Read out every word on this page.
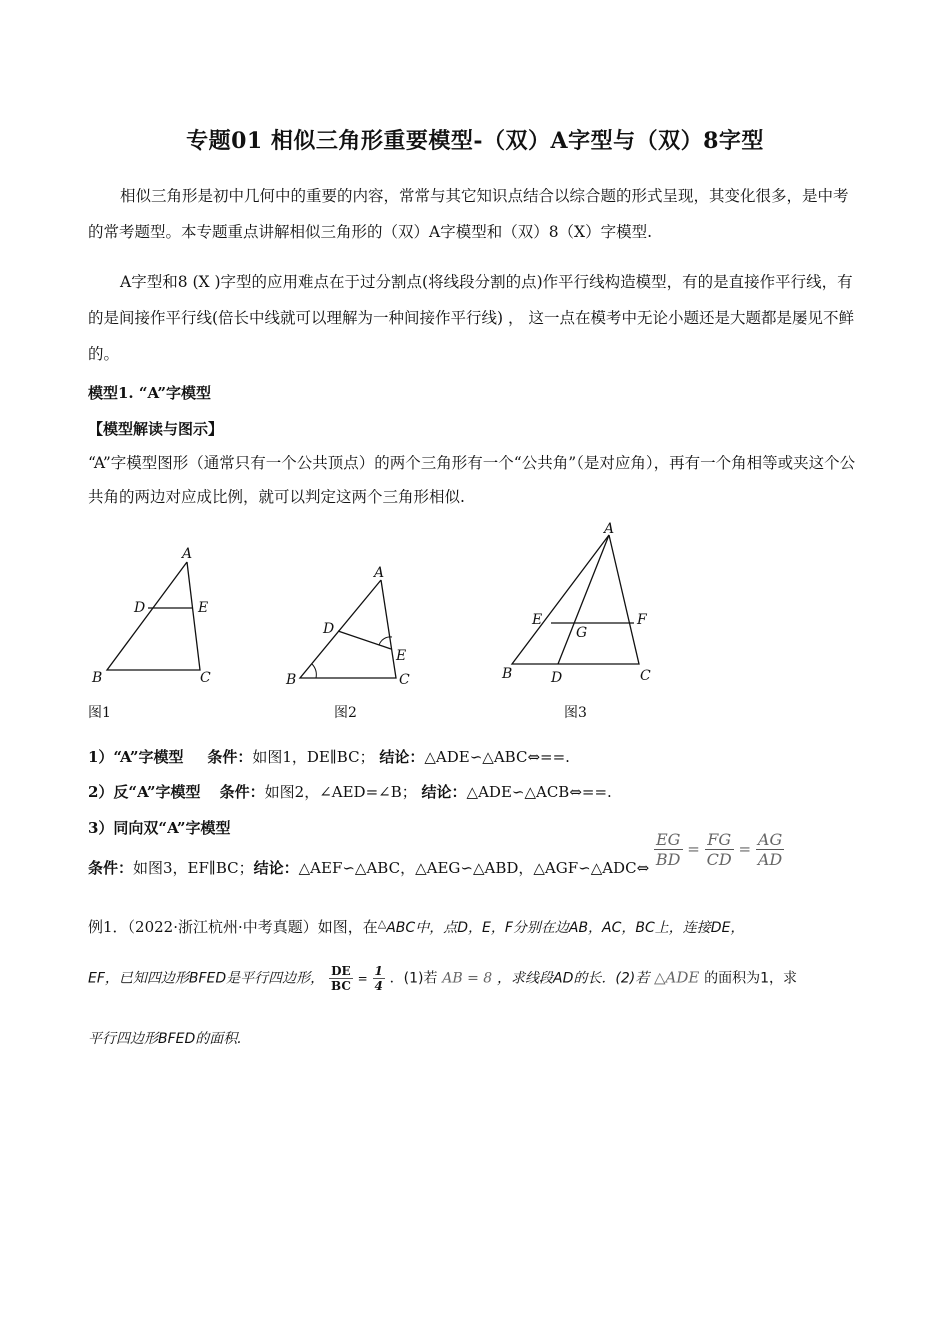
专题01 相似三角形重要模型-（双）A字型与（双）8字型
相似三角形是初中几何中的重要的内容，常常与其它知识点结合以综合题的形式呈现，其变化很多，是中考的常考题型。本专题重点讲解相似三角形的（双）A字模型和（双）8（X）字模型.
A字型和8 (X )字型的应用难点在于过分割点(将线段分割的点)作平行线构造模型，有的是直接作平行线，有的是间接作平行线(倍长中线就可以理解为一种间接作平行线) ， 这一点在模考中无论小题还是大题都是屡见不鲜的。
模型1. “A”字模型
【模型解读与图示】
“A”字模型图形（通常只有一个公共顶点）的两个三角形有一个“公共角”（是对应角），再有一个角相等或夹这个公共角的两边对应成比例，就可以判定这两个三角形相似.
A
D	E
B	C
图1
A
D
E
B	C
图2
A
E	F
G
B	D	C
图3
1）“A”字模型 条件：如图1，DE∥BC； 结论：△ADE∽△ABC⇔==.
2）反“A”字模型 条件：如图2，∠AED=∠B； 结论：△ADE∽△ACB⇔==.
3）同向双“A”字模型
条件：如图3，EF∥BC；结论：△AEF∽△ABC，△AEG∽△ABD，△AGF∽△ADC⇔ $\frac{EG}{BD} = \frac{FG}{CD} = \frac{AG}{AD}$
例1．（2022·浙江杭州·中考真题）如图，在△ABC中，点D，E，F分别在边AB，AC，BC上，连接DE，
EF，已知四边形BFED是平行四边形， $\frac{DE}{BC} = \frac{1}{4}$ ．(1)若 AB = 8 ，求线段AD的长．(2)若 △ADE 的面积为1，求
平行四边形BFED的面积.
